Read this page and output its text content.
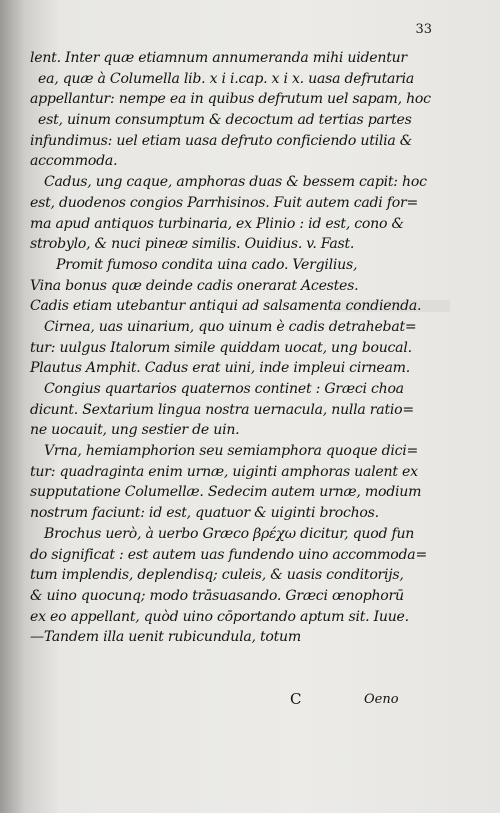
33
lent. Inter quæ etiamnum annumeranda mihi uidentur
ea, quæ à Columella lib. x i i.cap. x i x. uasa defrutaria
appellantur: nempe ea in quibus defrutum uel sapam, hoc
est, uinum consumptum & decoctum ad tertias partes
infundimus: uel etiam uasa defruto conficiendo utilia &
accommoda.
Cadus, ung caque, amphoras duas & bessem capit: hoc
est, duodenos congios Parrhisinos. Fuit autem cadi for=
ma apud antiquos turbinaria, ex Plinio : id est, cono &
strobylo, & nuci pineæ similis. Ouidius. v. Fast.
Promit fumoso condita uina cado. Vergilius,
Vina bonus quæ deinde cadis onerarat Acestes.
Cadis etiam utebantur antiqui ad salsamenta condienda.
Cirnea, uas uinarium, quo uinum è cadis detrahebat=
tur: uulgus Italorum simile quiddam uocat, ung boucal.
Plautus Amphit. Cadus erat uini, inde impleui cirneam.
Congius quartarios quaternos continet : Græci choa
dicunt. Sextarium lingua nostra uernacula, nulla ratio=
ne uocauit, ung sestier de uin.
Vrna, hemiamphorion seu semiamphora quoque dici=
tur: quadraginta enim urnæ, uiginti amphoras ualent ex
supputatione Columellæ. Sedecim autem urnæ, modium
nostrum faciunt: id est, quatuor & uiginti brochos.
Brochus uerò, à uerbo Græco βρέχω dicitur, quod fun
do significat : est autem uas fundendo uino accommoda=
tum implendis, deplendisq; culeis, & uasis conditorijs,
& uino quocunq; modo trāsuasando. Græci œnophorū
ex eo appellant, quòd uino cōportando aptum sit. Iuue.
—Tandem illa uenit rubicundula, totum
C	Oeno
